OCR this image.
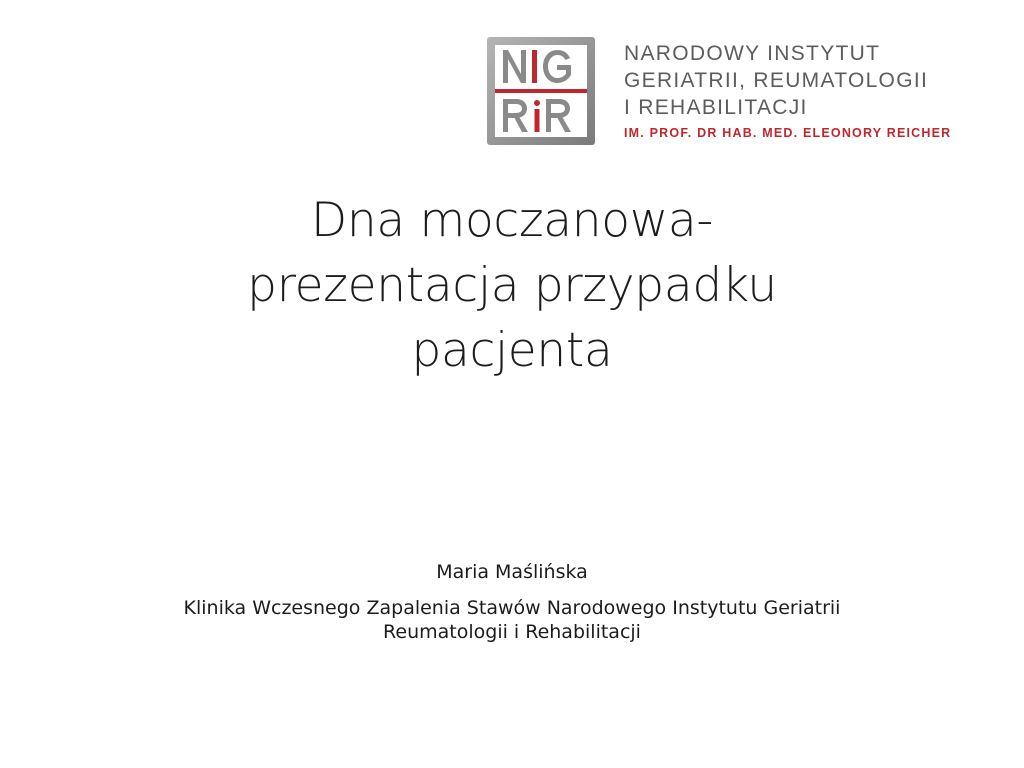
NARODOWY INSTYTUT
GERIATRII, REUMATOLOGII
I REHABILITACJI
IM. PROF. DR HAB. MED. ELEONORY REICHER
Dna moczanowa-
prezentacja przypadku
pacjenta
Maria Maślińska
Klinika Wczesnego Zapalenia Stawów Narodowego Instytutu Geriatrii
Reumatologii i Rehabilitacji
